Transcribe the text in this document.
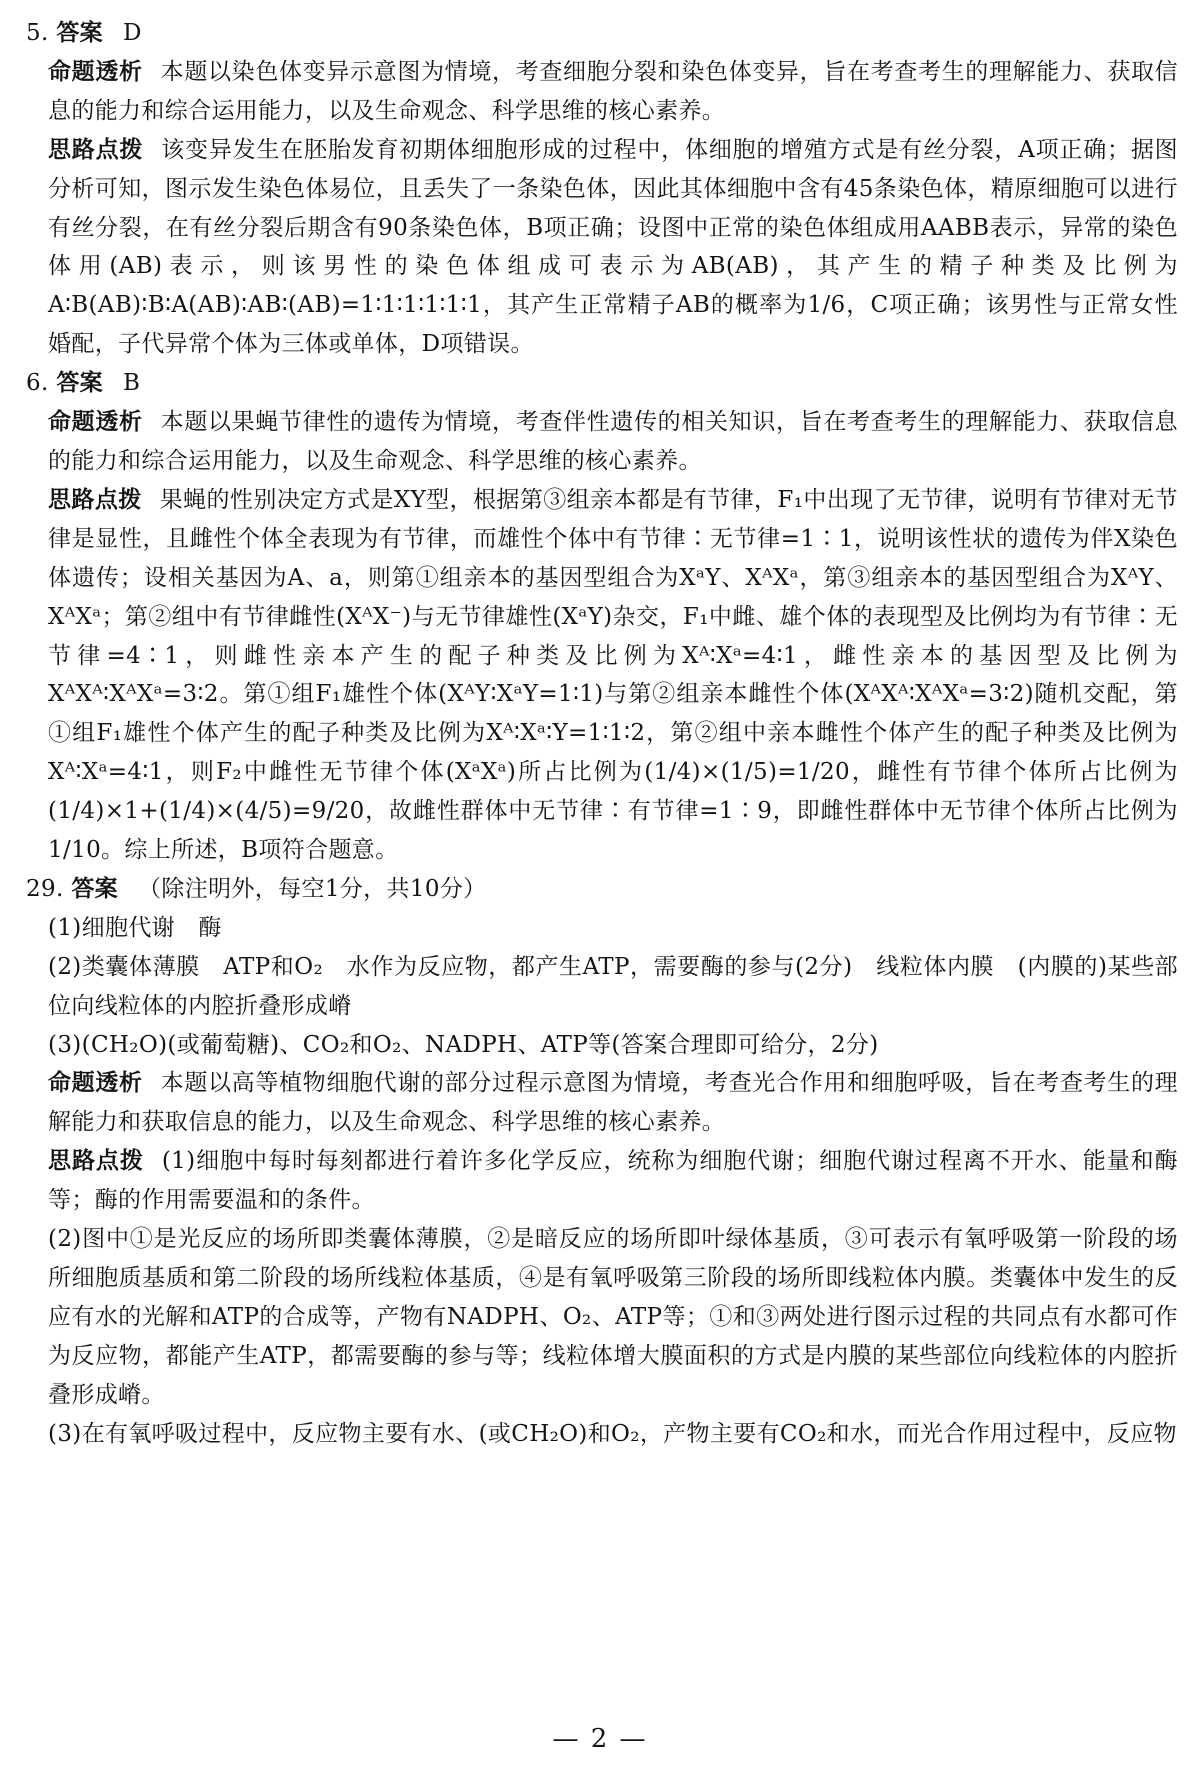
5. 答案 D

命题透析 本题以染色体变异示意图为情境，考查细胞分裂和染色体变异，旨在考查考生的理解能力、获取信息的能力和综合运用能力，以及生命观念、科学思维的核心素养。

思路点拨 该变异发生在胚胎发育初期体细胞形成的过程中，体细胞的增殖方式是有丝分裂，A项正确；据图分析可知，图示发生染色体易位，且丢失了一条染色体，因此其体细胞中含有45条染色体，精原细胞可以进行有丝分裂，在有丝分裂后期含有90条染色体，B项正确；设图中正常的染色体组成用AABB表示，异常的染色体用(AB)表示，则该男性的染色体组成可表示为AB(AB)，其产生的精子种类及比例为A∶B(AB)∶B∶A(AB)∶AB∶(AB)=1∶1∶1∶1∶1∶1，其产生正常精子AB的概率为1/6，C项正确；该男性与正常女性婚配，子代异常个体为三体或单体，D项错误。

6. 答案 B

命题透析 本题以果蝇节律性的遗传为情境，考查伴性遗传的相关知识，旨在考查考生的理解能力、获取信息的能力和综合运用能力，以及生命观念、科学思维的核心素养。

思路点拨 果蝇的性别决定方式是XY型，根据第③组亲本都是有节律，F₁中出现了无节律，说明有节律对无节律是显性，且雌性个体全表现为有节律，而雄性个体中有节律∶无节律=1∶1，说明该性状的遗传为伴X染色体遗传；设相关基因为A、a，则第①组亲本的基因型组合为XᵃY、XᴬXᵃ，第③组亲本的基因型组合为XᴬY、XᴬXᵃ；第②组中有节律雌性(XᴬX⁻)与无节律雄性(XᵃY)杂交，F₁中雌、雄个体的表现型及比例均为有节律∶无节律=4∶1，则雌性亲本产生的配子种类及比例为Xᴬ∶Xᵃ=4∶1，雌性亲本的基因型及比例为XᴬXᴬ∶XᴬXᵃ=3∶2。第①组F₁雄性个体(XᴬY∶XᵃY=1∶1)与第②组亲本雌性个体(XᴬXᴬ∶XᴬXᵃ=3∶2)随机交配，第①组F₁雄性个体产生的配子种类及比例为Xᴬ∶Xᵃ∶Y=1∶1∶2，第②组中亲本雌性个体产生的配子种类及比例为Xᴬ∶Xᵃ=4∶1，则F₂中雌性无节律个体(XᵃXᵃ)所占比例为(1/4)×(1/5)=1/20，雌性有节律个体所占比例为(1/4)×1+(1/4)×(4/5)=9/20，故雌性群体中无节律∶有节律=1∶9，即雌性群体中无节律个体所占比例为1/10。综上所述，B项符合题意。

29. 答案 （除注明外，每空1分，共10分）

(1)细胞代谢　酶

(2)类囊体薄膜　ATP和O₂　水作为反应物，都产生ATP，需要酶的参与(2分)　线粒体内膜　(内膜的)某些部位向线粒体的内腔折叠形成嵴

(3)(CH₂O)(或葡萄糖)、CO₂和O₂、NADPH、ATP等(答案合理即可给分，2分)

命题透析 本题以高等植物细胞代谢的部分过程示意图为情境，考查光合作用和细胞呼吸，旨在考查考生的理解能力和获取信息的能力，以及生命观念、科学思维的核心素养。

思路点拨 (1)细胞中每时每刻都进行着许多化学反应，统称为细胞代谢；细胞代谢过程离不开水、能量和酶等；酶的作用需要温和的条件。

(2)图中①是光反应的场所即类囊体薄膜，②是暗反应的场所即叶绿体基质，③可表示有氧呼吸第一阶段的场所细胞质基质和第二阶段的场所线粒体基质，④是有氧呼吸第三阶段的场所即线粒体内膜。类囊体中发生的反应有水的光解和ATP的合成等，产物有NADPH、O₂、ATP等；①和③两处进行图示过程的共同点有水都可作为反应物，都能产生ATP，都需要酶的参与等；线粒体增大膜面积的方式是内膜的某些部位向线粒体的内腔折叠形成嵴。

(3)在有氧呼吸过程中，反应物主要有水、(或CH₂O)和O₂，产物主要有CO₂和水，而光合作用过程中，反应物

— 2 —
